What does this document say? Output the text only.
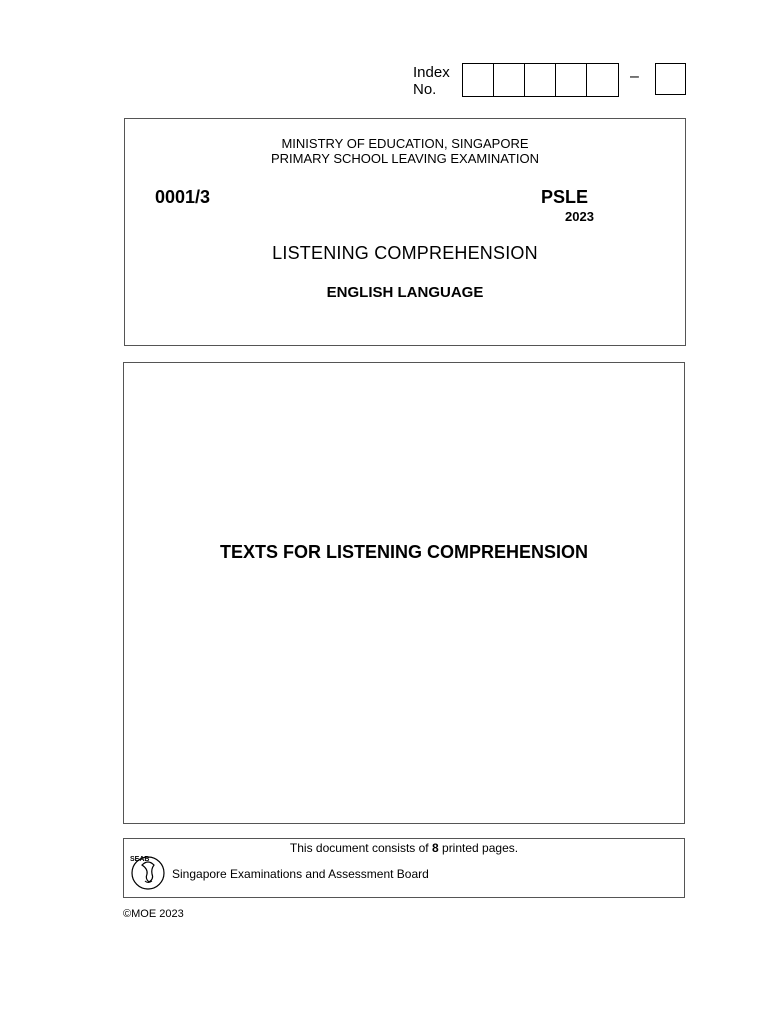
Index
No.
–
MINISTRY OF EDUCATION, SINGAPORE
PRIMARY SCHOOL LEAVING EXAMINATION
0001/3	PSLE
2023
LISTENING COMPREHENSION
ENGLISH LANGUAGE
TEXTS FOR LISTENING COMPREHENSION
This document consists of 8 printed pages.
SEAB
Singapore Examinations and Assessment Board
©MOE 2023
